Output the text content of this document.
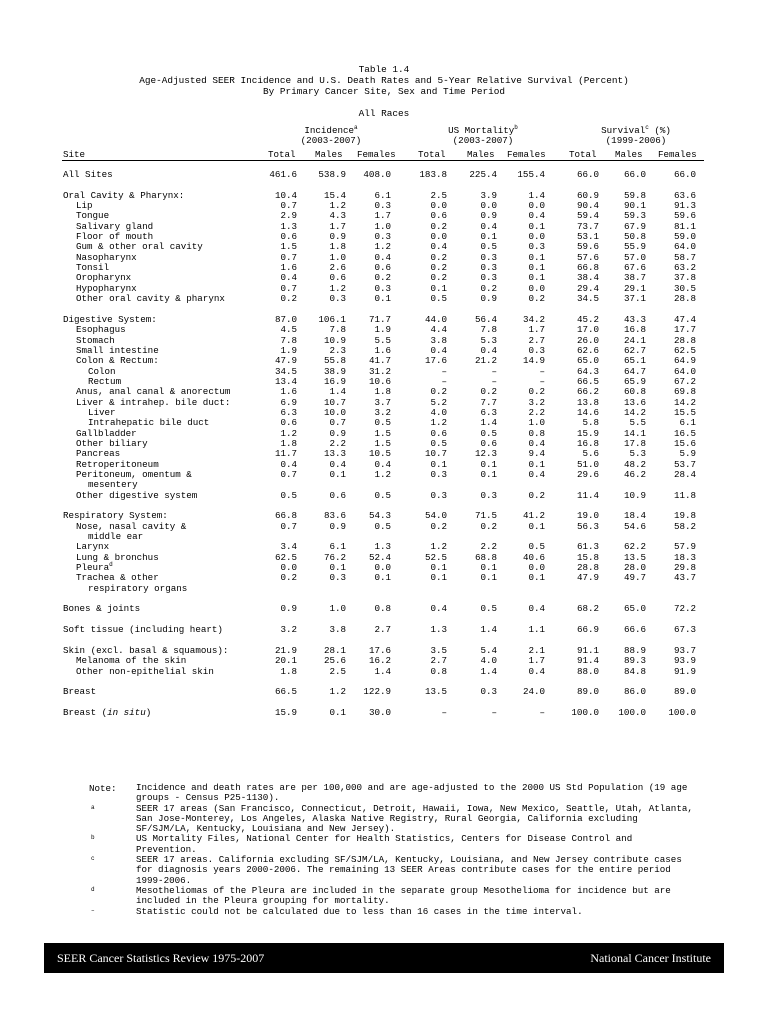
Table 1.4
Age-Adjusted SEER Incidence and U.S. Death Rates and 5-Year Relative Survival (Percent)
By Primary Cancer Site, Sex and Time Period
All Races
Incidence$^a$
(2003-2007)
US Mortality$^b$
(2003-2007)
Survival$^c$ (%)
(1999-2006)
Site	Total Males Females Total Males Females	Total Males Females
All Sites	461.6 538.9 408.0	183.8 225.4 155.4	66.0	66.0	66.0
Oral Cavity & Pharynx:	10.4	15.4	6.1	2.5	3.9	1.4	60.9	59.8	63.6
Lip	0.7	1.2	0.3	0.0	0.0	0.0	90.4	90.1	91.3
Tongue	2.9	4.3	1.7	0.6	0.9	0.4	59.4	59.3	59.6
Salivary gland	1.3	1.7	1.0	0.2	0.4	0.1	73.7	67.9	81.1
Floor of mouth	0.6	0.9	0.3	0.0	0.1	0.0	53.1	50.8	59.0
Gum & other oral cavity	1.5	1.8	1.2	0.4	0.5	0.3	59.6	55.9	64.0
Nasopharynx	0.7	1.0	0.4	0.2	0.3	0.1	57.6	57.0	58.7
Tonsil	1.6	2.6	0.6	0.2	0.3	0.1	66.8	67.6	63.2
Oropharynx	0.4	0.6	0.2	0.2	0.3	0.1	38.4	38.7	37.8
Hypopharynx	0.7	1.2	0.3	0.1	0.2	0.0	29.4	29.1	30.5
Other oral cavity & pharynx	0.2	0.3	0.1	0.5	0.9	0.2	34.5	37.1	28.8
Digestive System:	87.0 106.1 71.7	44.0	56.4	34.2	45.2	43.3	47.4
Esophagus	4.5	7.8	1.9	4.4	7.8	1.7	17.0	16.8	17.7
Stomach	7.8	10.9	5.5	3.8	5.3	2.7	26.0	24.1	28.8
Small intestine	1.9	2.3	1.6	0.4	0.4	0.3	62.6	62.7	62.5
Colon & Rectum:	47.9	55.8 41.7	17.6	21.2	14.9	65.0	65.1	64.9
Colon	34.5	38.9 31.2	–	–	–	64.3	64.7	64.0
Rectum	13.4	16.9 10.6	–	–	–	66.5	65.9	67.2
Anus, anal canal & anorectum	1.6	1.4	1.8	0.2	0.2	0.2	66.2	60.8	69.8
Liver & intrahep. bile duct:	6.9	10.7	3.7	5.2	7.7	3.2	13.8	13.6	14.2
Liver	6.3	10.0	3.2	4.0	6.3	2.2	14.6	14.2	15.5
Intrahepatic bile duct	0.6	0.7	0.5	1.2	1.4	1.0	5.8	5.5	6.1
Gallbladder	1.2	0.9	1.5	0.6	0.5	0.8	15.9	14.1	16.5
Other biliary	1.8	2.2	1.5	0.5	0.6	0.4	16.8	17.8	15.6
Pancreas	11.7	13.3 10.5	10.7	12.3	9.4	5.6	5.3	5.9
Retroperitoneum	0.4	0.4	0.4	0.1	0.1	0.1	51.0	48.2	53.7
Peritoneum, omentum &	0.7	0.1	1.2	0.3	0.1	0.4	29.6	46.2	28.4
mesentery
Other digestive system	0.5	0.6	0.5	0.3	0.3	0.2	11.4	10.9	11.8
Respiratory System:	66.8	83.6 54.3	54.0	71.5	41.2	19.0	18.4	19.8
Nose, nasal cavity &	0.7	0.9	0.5	0.2	0.2	0.1	56.3	54.6	58.2
middle ear
Larynx	3.4	6.1	1.3	1.2	2.2	0.5	61.3	62.2	57.9
Lung & bronchus	62.5	76.2 52.4	52.5	68.8	40.6	15.8	13.5	18.3
Pleura$^d$	0.0	0.1	0.0	0.1	0.1	0.0	28.8	28.0	29.8
Trachea & other	0.2	0.3	0.1	0.1	0.1	0.1	47.9	49.7	43.7
respiratory organs
Bones & joints	0.9	1.0	0.8	0.4	0.5	0.4	68.2	65.0	72.2
Soft tissue (including heart)	3.2	3.8	2.7	1.3	1.4	1.1	66.9	66.6	67.3
Skin (excl. basal & squamous):	21.9	28.1 17.6	3.5	5.4	2.1	91.1	88.9	93.7
Melanoma of the skin	20.1	25.6 16.2	2.7	4.0	1.7	91.4	89.3	93.9
Other non-epithelial skin	1.8	2.5	1.4	0.8	1.4	0.4	88.0	84.8	91.9
Breast	66.5	1.2 122.9	13.5	0.3	24.0	89.0	86.0	89.0
Breast (in situ)	15.9	0.1 30.0	–	–	–	100.0 100.0 100.0
Note: Incidence and death rates are per 100,000 and are age-adjusted to the 2000 US Std Population (19 age groups - Census P25-1130).
a	SEER 17 areas (San Francisco, Connecticut, Detroit, Hawaii, Iowa, New Mexico, Seattle, Utah, Atlanta, San Jose-Monterey, Los Angeles, Alaska Native Registry, Rural Georgia, California excluding SF/SJM/LA, Kentucky, Louisiana and New Jersey).
b	US Mortality Files, National Center for Health Statistics, Centers for Disease Control and Prevention.
c	SEER 17 areas. California excluding SF/SJM/LA, Kentucky, Louisiana, and New Jersey contribute cases for diagnosis years 2000-2006. The remaining 13 SEER Areas contribute cases for the entire period 1999-2006.
d	Mesotheliomas of the Pleura are included in the separate group Mesothelioma for incidence but are included in the Pleura grouping for mortality.
–	Statistic could not be calculated due to less than 16 cases in the time interval.
SEER Cancer Statistics Review 1975-2007	National Cancer Institute
